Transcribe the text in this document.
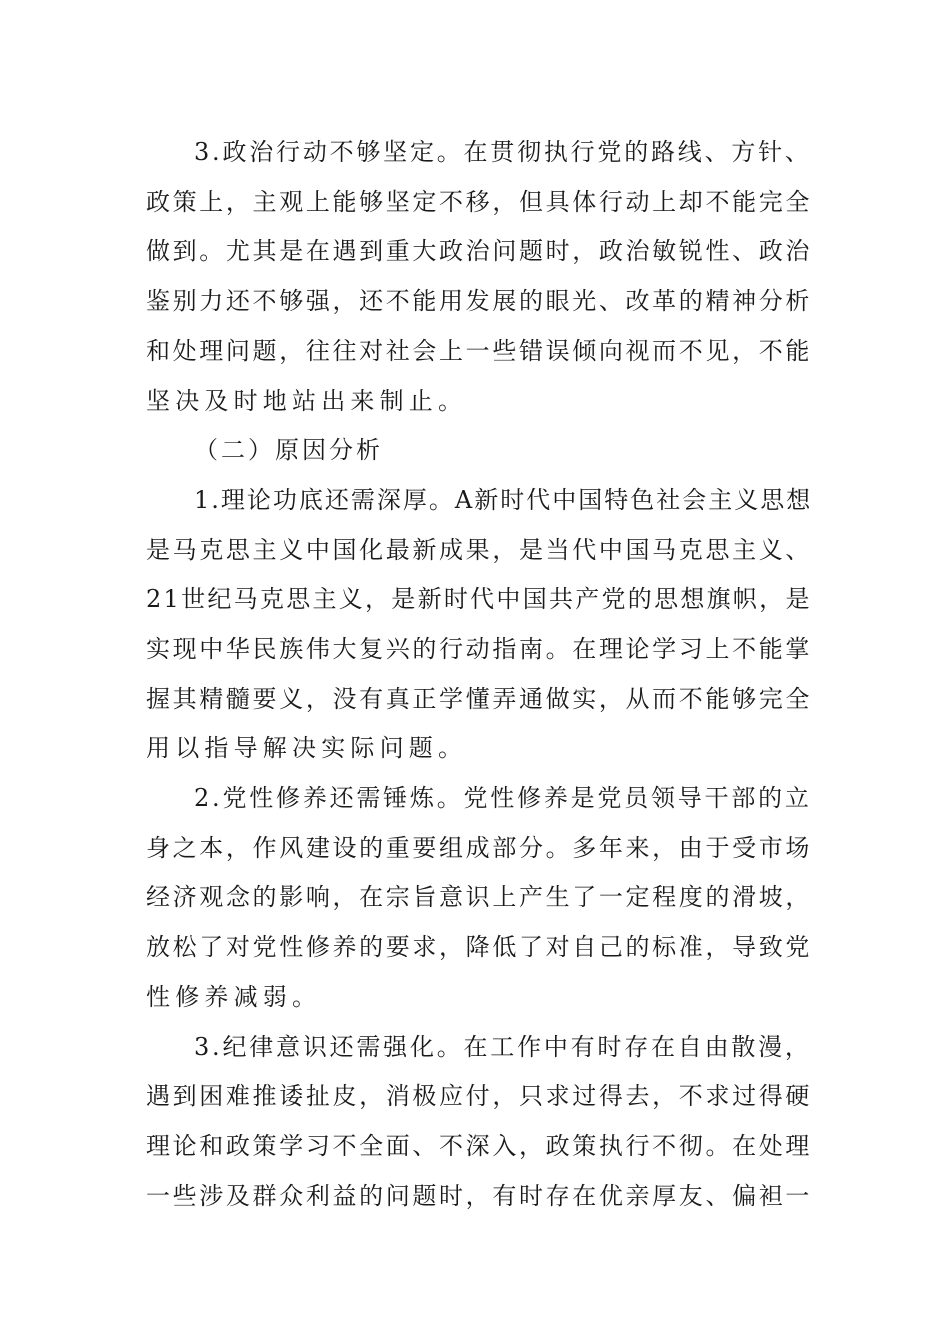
3.政治行动不够坚定。在贯彻执行党的路线、方针、
政策上，主观上能够坚定不移，但具体行动上却不能完全
做到。尤其是在遇到重大政治问题时，政治敏锐性、政治
鉴别力还不够强，还不能用发展的眼光、改革的精神分析
和处理问题，往往对社会上一些错误倾向视而不见，不能
坚决及时地站出来制止。
（二）原因分析
1.理论功底还需深厚。A新时代中国特色社会主义思想
是马克思主义中国化最新成果，是当代中国马克思主义、
21世纪马克思主义，是新时代中国共产党的思想旗帜，是
实现中华民族伟大复兴的行动指南。在理论学习上不能掌
握其精髓要义，没有真正学懂弄通做实，从而不能够完全
用以指导解决实际问题。
2.党性修养还需锤炼。党性修养是党员领导干部的立
身之本，作风建设的重要组成部分。多年来，由于受市场
经济观念的影响，在宗旨意识上产生了一定程度的滑坡，
放松了对党性修养的要求，降低了对自己的标准，导致党
性修养减弱。
3.纪律意识还需强化。在工作中有时存在自由散漫，
遇到困难推诿扯皮，消极应付，只求过得去，不求过得硬
理论和政策学习不全面、不深入，政策执行不彻。在处理
一些涉及群众利益的问题时，有时存在优亲厚友、偏袒一
